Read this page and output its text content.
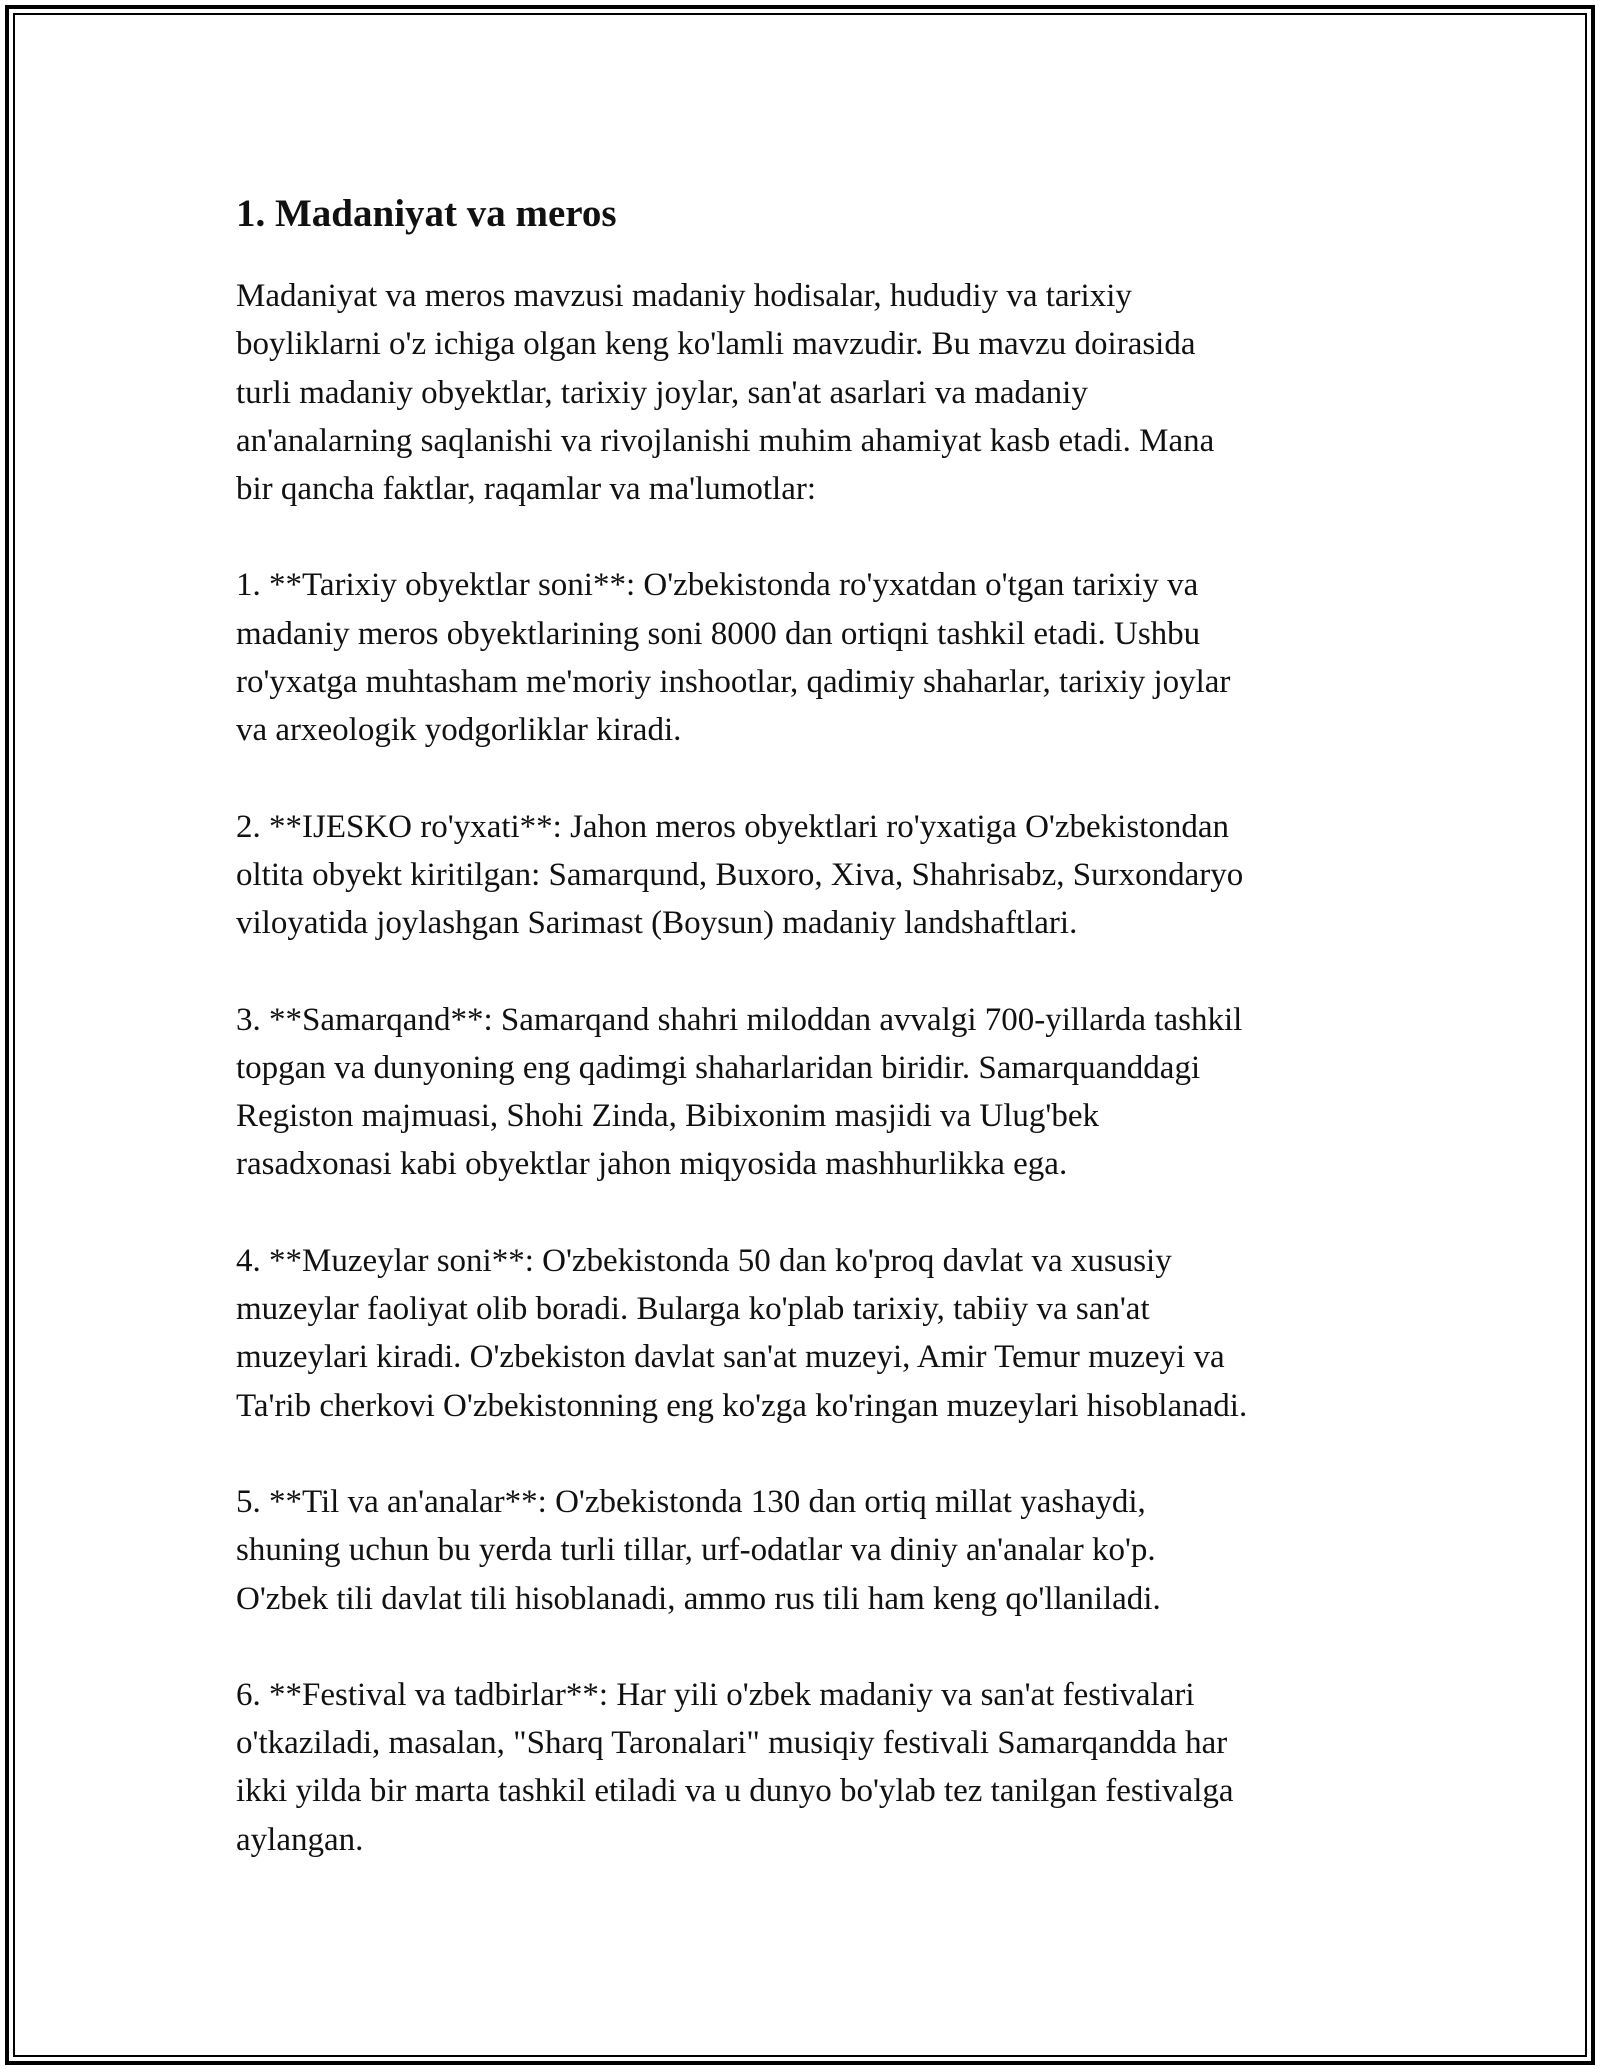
1. Madaniyat va meros

Madaniyat va meros mavzusi madaniy hodisalar, hududiy va tarixiy
boyliklarni o'z ichiga olgan keng ko'lamli mavzudir. Bu mavzu doirasida
turli madaniy obyektlar, tarixiy joylar, san'at asarlari va madaniy
an'analarning saqlanishi va rivojlanishi muhim ahamiyat kasb etadi. Mana
bir qancha faktlar, raqamlar va ma'lumotlar:

1. **Tarixiy obyektlar soni**: O'zbekistonda ro'yxatdan o'tgan tarixiy va
madaniy meros obyektlarining soni 8000 dan ortiqni tashkil etadi. Ushbu
ro'yxatga muhtasham me'moriy inshootlar, qadimiy shaharlar, tarixiy joylar
va arxeologik yodgorliklar kiradi.

2. **IJESKO ro'yxati**: Jahon meros obyektlari ro'yxatiga O'zbekistondan
oltita obyekt kiritilgan: Samarqund, Buxoro, Xiva, Shahrisabz, Surxondaryo
viloyatida joylashgan Sarimast (Boysun) madaniy landshaftlari.

3. **Samarqand**: Samarqand shahri miloddan avvalgi 700-yillarda tashkil
topgan va dunyoning eng qadimgi shaharlaridan biridir. Samarquanddagi
Registon majmuasi, Shohi Zinda, Bibixonim masjidi va Ulug'bek
rasadxonasi kabi obyektlar jahon miqyosida mashhurlikka ega.

4. **Muzeylar soni**: O'zbekistonda 50 dan ko'proq davlat va xususiy
muzeylar faoliyat olib boradi. Bularga ko'plab tarixiy, tabiiy va san'at
muzeylari kiradi. O'zbekiston davlat san'at muzeyi, Amir Temur muzeyi va
Ta'rib cherkovi O'zbekistonning eng ko'zga ko'ringan muzeylari hisoblanadi.

5. **Til va an'analar**: O'zbekistonda 130 dan ortiq millat yashaydi,
shuning uchun bu yerda turli tillar, urf-odatlar va diniy an'analar ko'p.
O'zbek tili davlat tili hisoblanadi, ammo rus tili ham keng qo'llaniladi.

6. **Festival va tadbirlar**: Har yili o'zbek madaniy va san'at festivalari
o'tkaziladi, masalan, "Sharq Taronalari" musiqiy festivali Samarqandda har
ikki yilda bir marta tashkil etiladi va u dunyo bo'ylab tez tanilgan festivalga
aylangan.
